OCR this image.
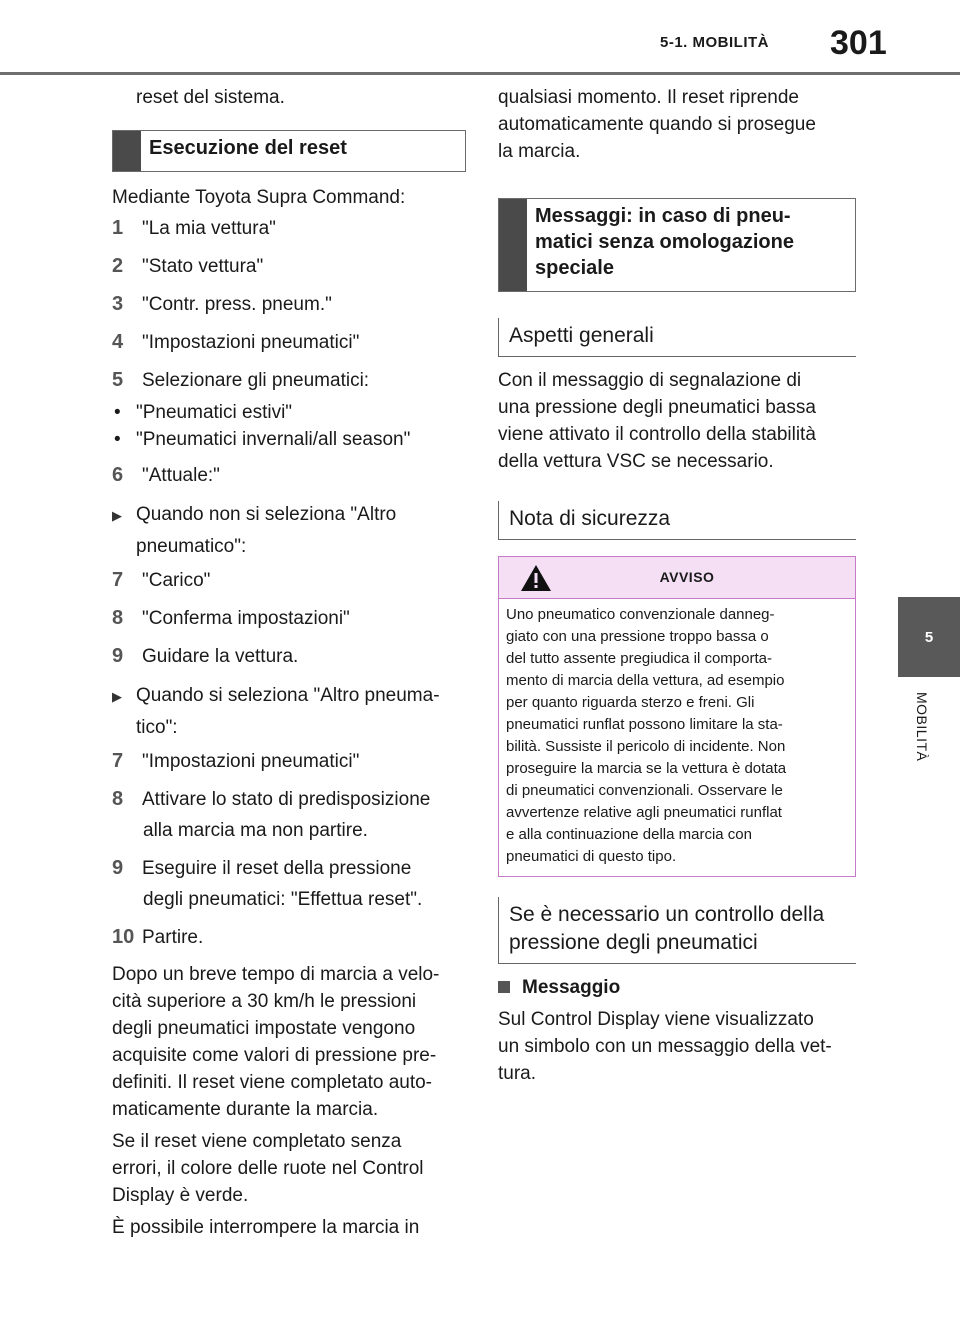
5-1. MOBILITÀ 301
5
MOBILITÀ

reset del sistema.

Esecuzione del reset

Mediante Toyota Supra Command:

1 "La mia vettura"
2 "Stato vettura"
3 "Contr. press. pneum."
4 "Impostazioni pneumatici"
5 Selezionare gli pneumatici:
• "Pneumatici estivi"
• "Pneumatici invernali/all season"
6 "Attuale:"
▶ Quando non si seleziona "Altro
pneumatico":
7 "Carico"
8 "Conferma impostazioni"
9 Guidare la vettura.
▶ Quando si seleziona "Altro pneuma-
tico":
7 "Impostazioni pneumatici"
8 Attivare lo stato di predisposizione
alla marcia ma non partire.
9 Eseguire il reset della pressione
degli pneumatici: "Effettua reset".
10 Partire.
Dopo un breve tempo di marcia a velo-
cità superiore a 30 km/h le pressioni
degli pneumatici impostate vengono
acquisite come valori di pressione pre-
definiti. Il reset viene completato auto-
maticamente durante la marcia.
Se il reset viene completato senza
errori, il colore delle ruote nel Control
Display è verde.
È possibile interrompere la marcia in
qualsiasi momento. Il reset riprende
automaticamente quando si prosegue
la marcia.
Messaggi: in caso di pneu-
matici senza omologazione
speciale
Aspetti generali
Con il messaggio di segnalazione di
una pressione degli pneumatici bassa
viene attivato il controllo della stabilità
della vettura VSC se necessario.
Nota di sicurezza
AVVISO
Uno pneumatico convenzionale danneg-
giato con una pressione troppo bassa o
del tutto assente pregiudica il comporta-
mento di marcia della vettura, ad esempio
per quanto riguarda sterzo e freni. Gli
pneumatici runflat possono limitare la sta-
bilità. Sussiste il pericolo di incidente. Non
proseguire la marcia se la vettura è dotata
di pneumatici convenzionali. Osservare le
avvertenze relative agli pneumatici runflat
e alla continuazione della marcia con
pneumatici di questo tipo.
Se è necessario un controllo della
pressione degli pneumatici
Messaggio
Sul Control Display viene visualizzato
un simbolo con un messaggio della vet-
tura.
